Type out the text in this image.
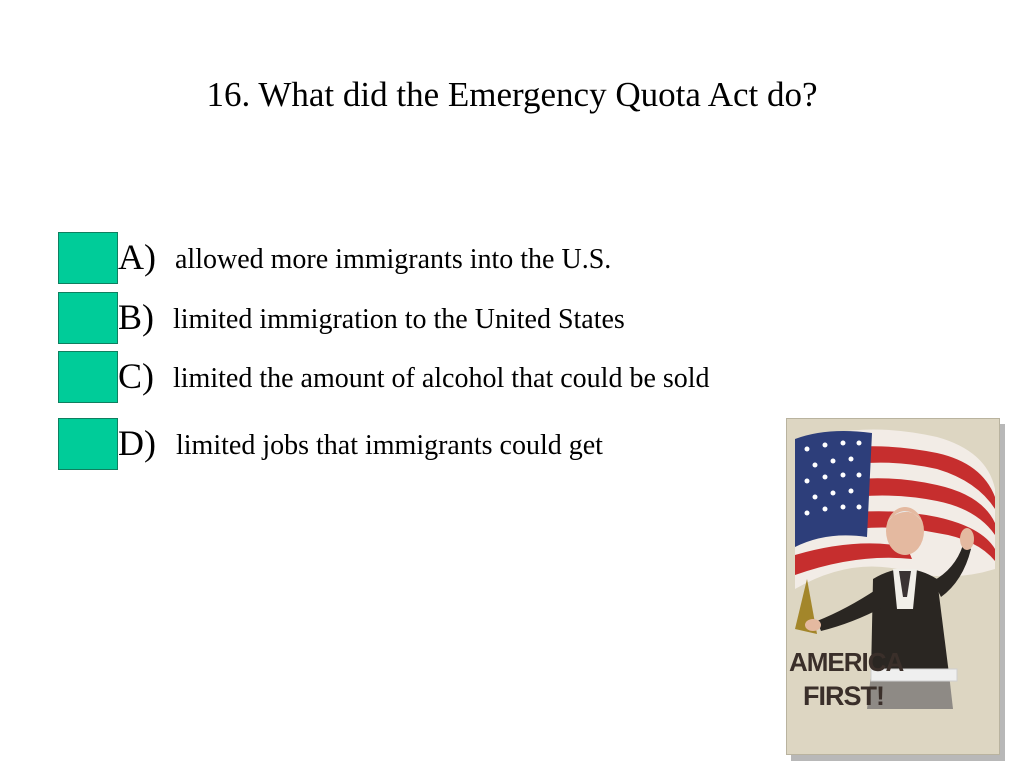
16. What did the Emergency Quota Act do?
A) allowed more immigrants into the U.S.
B) limited immigration to the United States
C) limited the amount of alcohol that could be sold
D) limited jobs that immigrants could get
AMERICA
FIRST!
